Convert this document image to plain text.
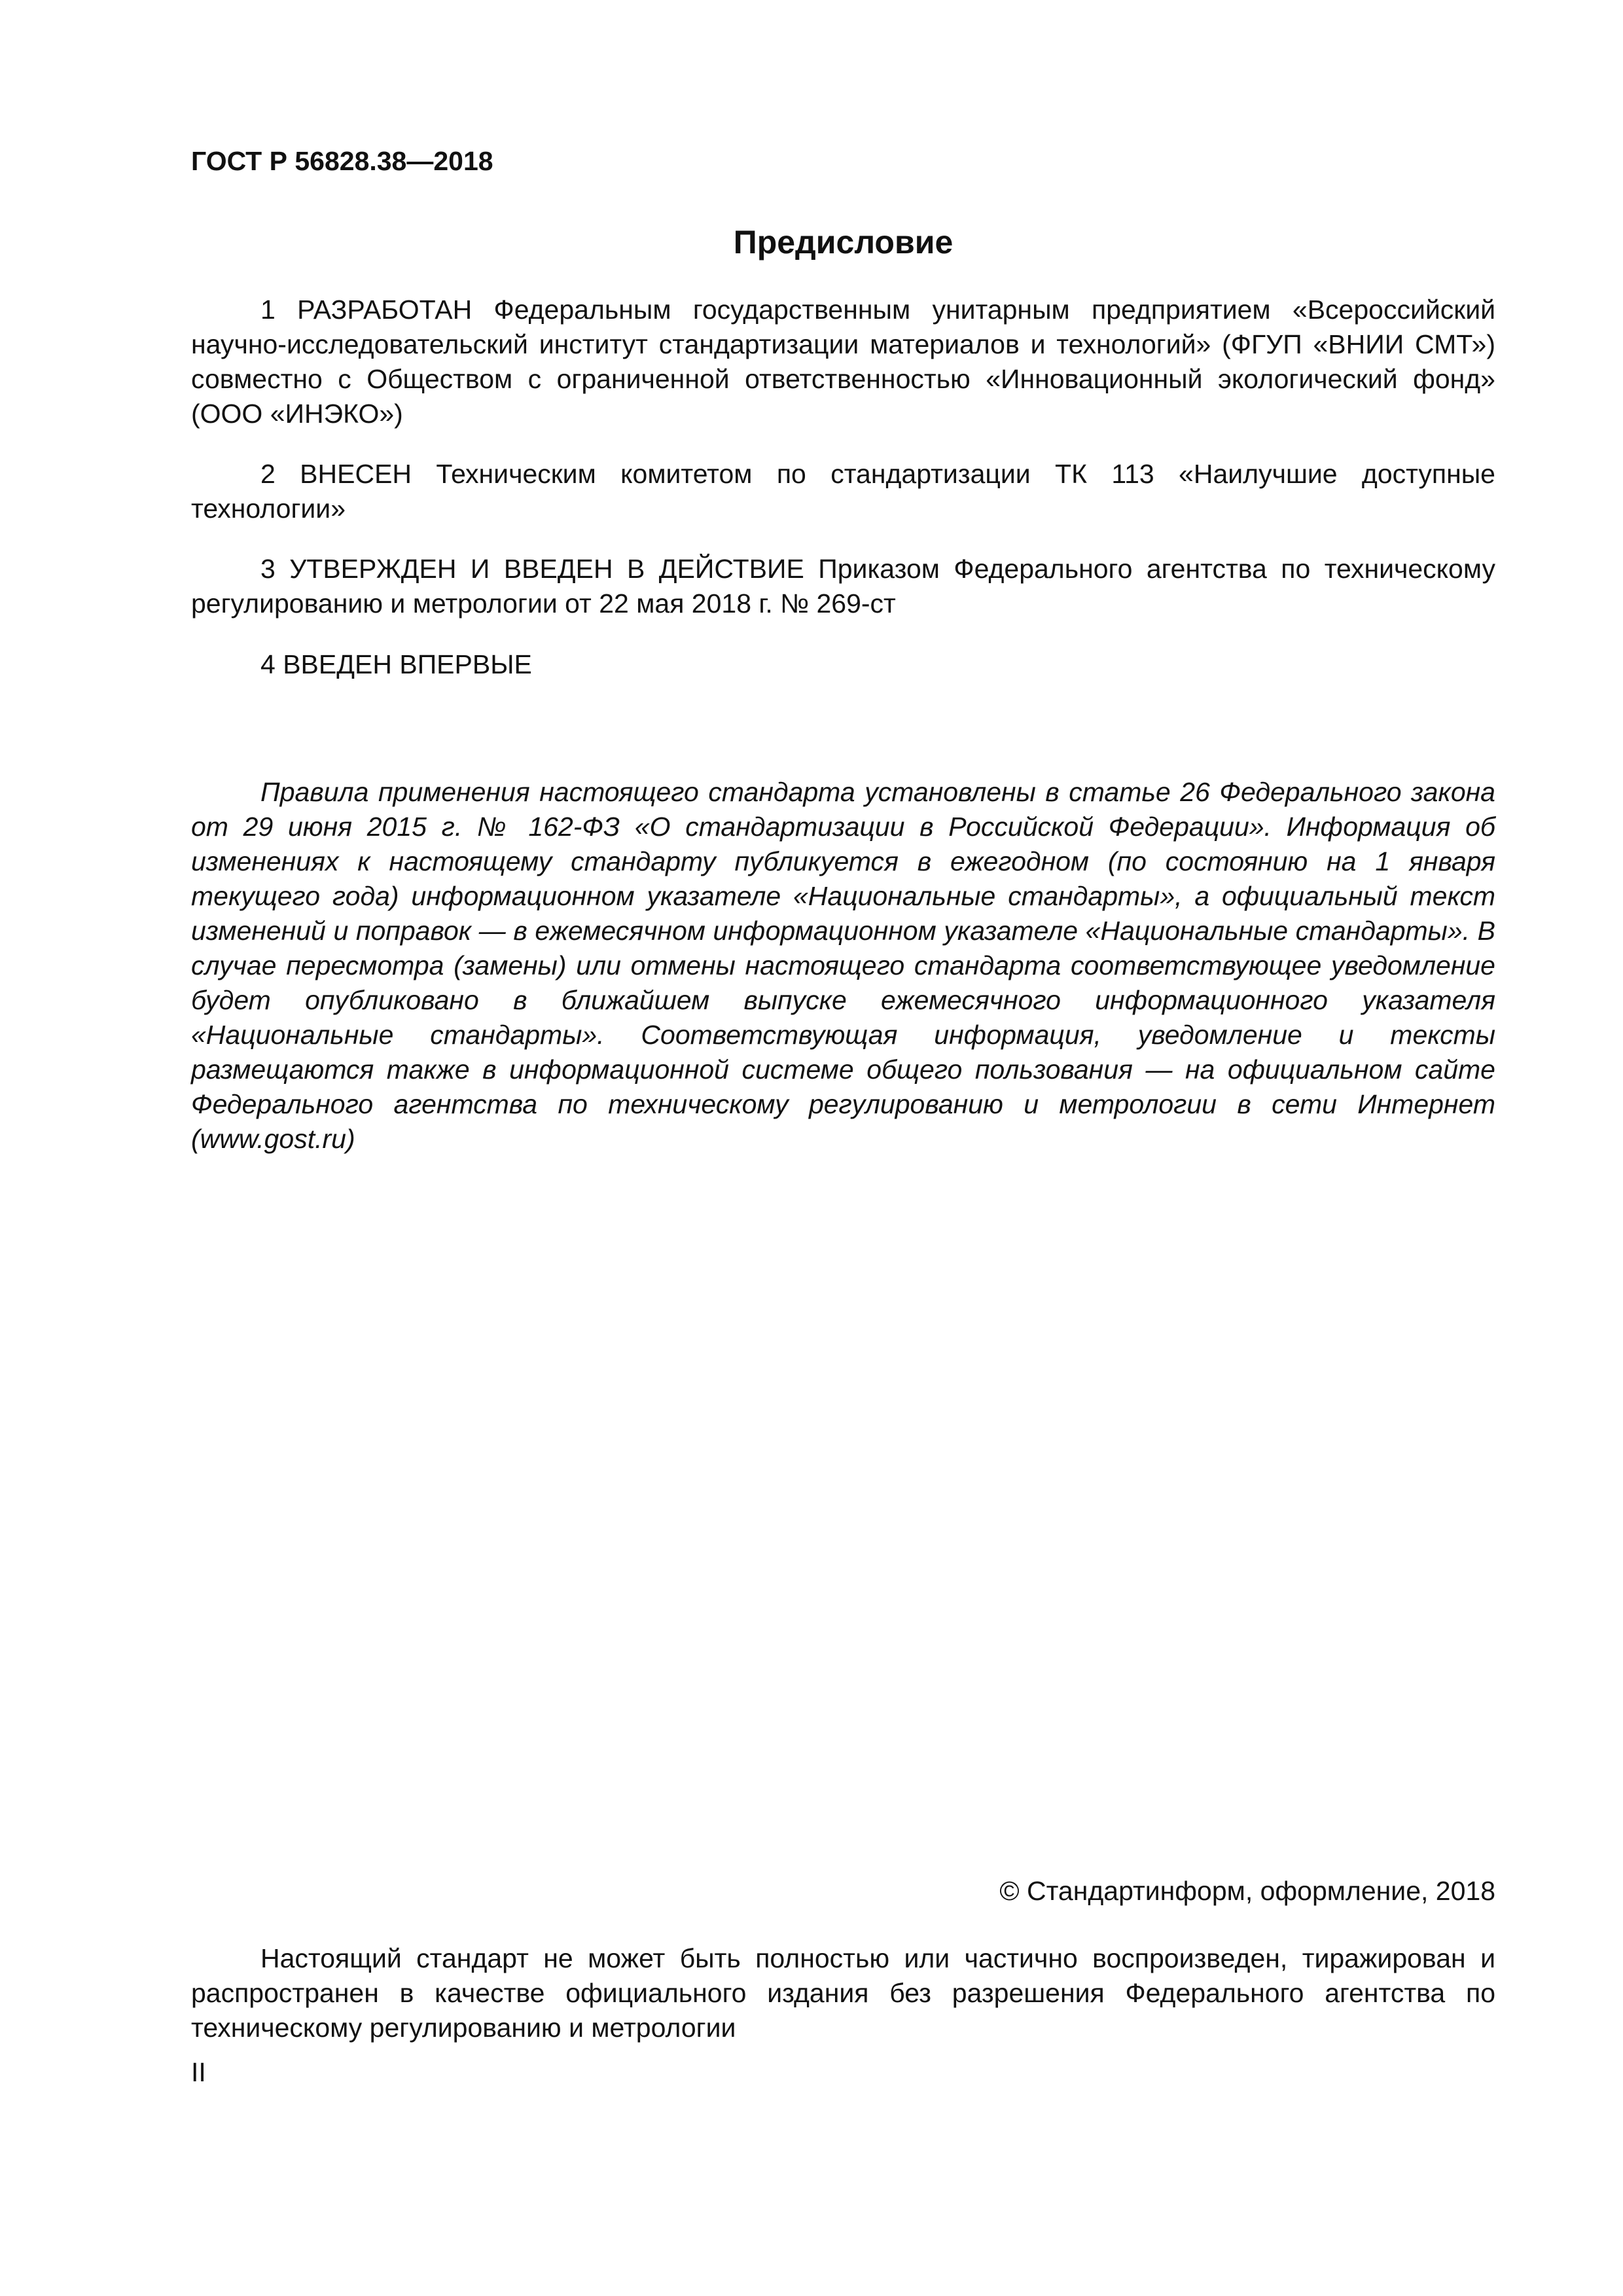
ГОСТ Р 56828.38—2018

Предисловие

1 РАЗРАБОТАН Федеральным государственным унитарным предприятием «Всероссийский научно-исследовательский институт стандартизации материалов и технологий» (ФГУП «ВНИИ СМТ») совместно с Обществом с ограниченной ответственностью «Инновационный экологический фонд» (ООО «ИНЭКО»)

2 ВНЕСЕН Техническим комитетом по стандартизации ТК 113 «Наилучшие доступные технологии»

3 УТВЕРЖДЕН И ВВЕДЕН В ДЕЙСТВИЕ Приказом Федерального агентства по техническому регулированию и метрологии от 22 мая 2018 г. № 269-ст

4 ВВЕДЕН ВПЕРВЫЕ

Правила применения настоящего стандарта установлены в статье 26 Федерального закона от 29 июня 2015 г. № 162-ФЗ «О стандартизации в Российской Федерации». Информация об изменениях к настоящему стандарту публикуется в ежегодном (по состоянию на 1 января текущего года) информационном указателе «Национальные стандарты», а официальный текст изменений и поправок — в ежемесячном информационном указателе «Национальные стандарты». В случае пересмотра (замены) или отмены настоящего стандарта соответствующее уведомление будет опубликовано в ближайшем выпуске ежемесячного информационного указателя «Национальные стандарты». Соответствующая информация, уведомление и тексты размещаются также в информационной системе общего пользования — на официальном сайте Федерального агентства по техническому регулированию и метрологии в сети Интернет (www.gost.ru)

© Стандартинформ, оформление, 2018

Настоящий стандарт не может быть полностью или частично воспроизведен, тиражирован и распространен в качестве официального издания без разрешения Федерального агентства по техническому регулированию и метрологии

II
